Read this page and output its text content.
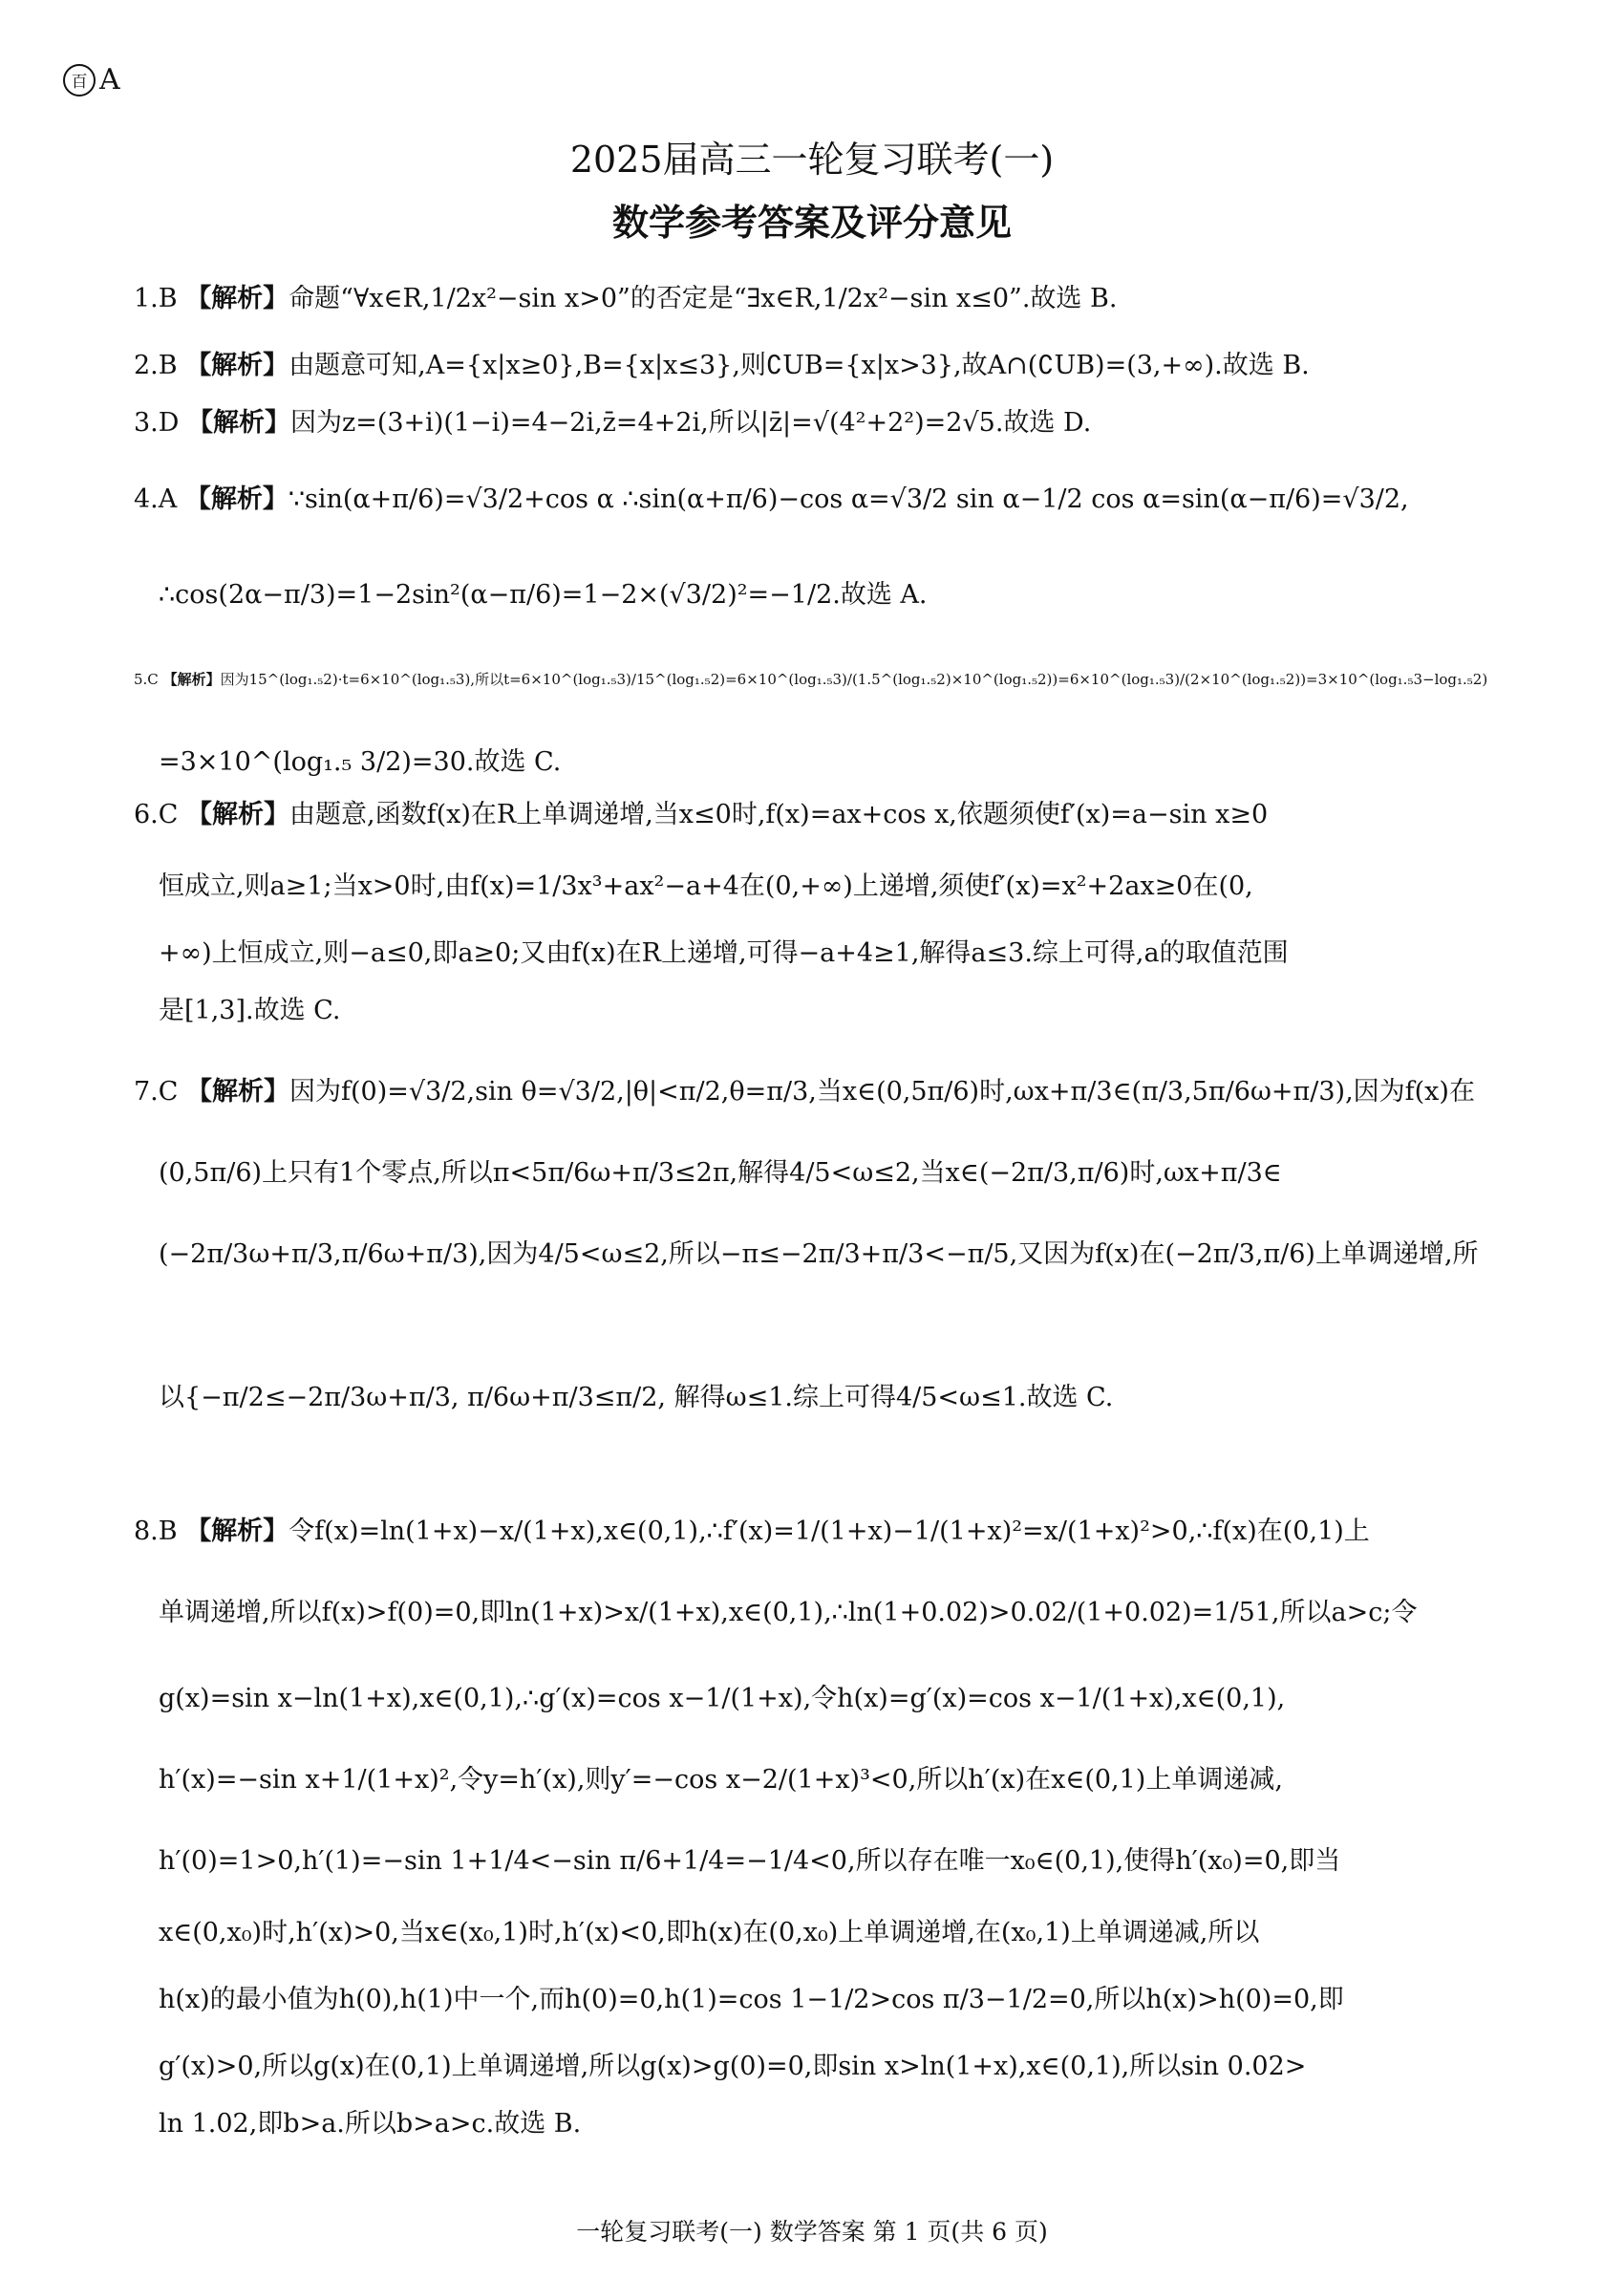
百 A
2025届高三一轮复习联考(一)
数学参考答案及评分意见
1.B 【解析】命题“∀x∈R,1/2x²−sin x>0”的否定是“∃x∈R,1/2x²−sin x≤0”.故选 B.
2.B 【解析】由题意可知,A={x|x≥0},B={x|x≤3},则∁UB={x|x>3},故A∩(∁UB)=(3,+∞).故选 B.
3.D 【解析】因为z=(3+i)(1−i)=4−2i,z̄=4+2i,所以|z̄|=√(4²+2²)=2√5.故选 D.
4.A 【解析】∵sin(α+π/6)=√3/2+cos α ∴sin(α+π/6)−cos α=√3/2 sin α−1/2 cos α=sin(α−π/6)=√3/2,
∴cos(2α−π/3)=1−2sin²(α−π/6)=1−2×(√3/2)²=−1/2.故选 A.
5.C 【解析】因为15^(log₁.₅2)·t=6×10^(log₁.₅3),所以t=6×10^(log₁.₅3)/15^(log₁.₅2)=6×10^(log₁.₅3)/(1.5^(log₁.₅2)×10^(log₁.₅2))=6×10^(log₁.₅3)/(2×10^(log₁.₅2))=3×10^(log₁.₅3−log₁.₅2)
=3×10^(log₁.₅ 3/2)=30.故选 C.
6.C 【解析】由题意,函数f(x)在R上单调递增,当x≤0时,f(x)=ax+cos x,依题须使f′(x)=a−sin x≥0
恒成立,则a≥1;当x>0时,由f(x)=1/3x³+ax²−a+4在(0,+∞)上递增,须使f′(x)=x²+2ax≥0在(0,
+∞)上恒成立,则−a≤0,即a≥0;又由f(x)在R上递增,可得−a+4≥1,解得a≤3.综上可得,a的取值范围
是[1,3].故选 C.
7.C 【解析】因为f(0)=√3/2,sin θ=√3/2,|θ|<π/2,θ=π/3,当x∈(0,5π/6)时,ωx+π/3∈(π/3,5π/6ω+π/3),因为f(x)在
(0,5π/6)上只有1个零点,所以π<5π/6ω+π/3≤2π,解得4/5<ω≤2,当x∈(−2π/3,π/6)时,ωx+π/3∈
(−2π/3ω+π/3,π/6ω+π/3),因为4/5<ω≤2,所以−π≤−2π/3+π/3<−π/5,又因为f(x)在(−2π/3,π/6)上单调递增,所
以{−π/2≤−2π/3ω+π/3, π/6ω+π/3≤π/2, 解得ω≤1.综上可得4/5<ω≤1.故选 C.
8.B 【解析】令f(x)=ln(1+x)−x/(1+x),x∈(0,1),∴f′(x)=1/(1+x)−1/(1+x)²=x/(1+x)²>0,∴f(x)在(0,1)上
单调递增,所以f(x)>f(0)=0,即ln(1+x)>x/(1+x),x∈(0,1),∴ln(1+0.02)>0.02/(1+0.02)=1/51,所以a>c;令
g(x)=sin x−ln(1+x),x∈(0,1),∴g′(x)=cos x−1/(1+x),令h(x)=g′(x)=cos x−1/(1+x),x∈(0,1),
h′(x)=−sin x+1/(1+x)²,令y=h′(x),则y′=−cos x−2/(1+x)³<0,所以h′(x)在x∈(0,1)上单调递减,
h′(0)=1>0,h′(1)=−sin 1+1/4<−sin π/6+1/4=−1/4<0,所以存在唯一x₀∈(0,1),使得h′(x₀)=0,即当
x∈(0,x₀)时,h′(x)>0,当x∈(x₀,1)时,h′(x)<0,即h(x)在(0,x₀)上单调递增,在(x₀,1)上单调递减,所以
h(x)的最小值为h(0),h(1)中一个,而h(0)=0,h(1)=cos 1−1/2>cos π/3−1/2=0,所以h(x)>h(0)=0,即
g′(x)>0,所以g(x)在(0,1)上单调递增,所以g(x)>g(0)=0,即sin x>ln(1+x),x∈(0,1),所以sin 0.02>
ln 1.02,即b>a.所以b>a>c.故选 B.
一轮复习联考(一) 数学答案 第 1 页(共 6 页)
